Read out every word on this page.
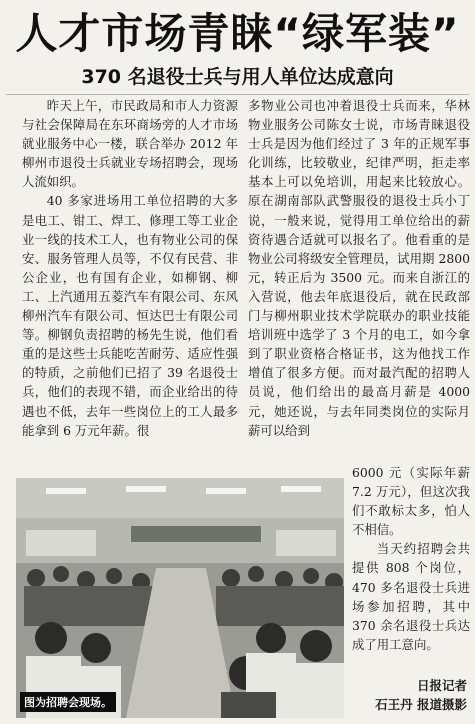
人才市场青睐“绿军装”
370 名退役士兵与用人单位达成意向

昨天上午，市民政局和市人力资源与社会保障局在东环商场旁的人才市场就业服务中心一楼，联合举办 2012 年柳州市退役士兵就业专场招聘会，现场人流如织。

40 多家进场用工单位招聘的大多是电工、钳工、焊工、修理工等工业企业一线的技术工人，也有物业公司的保安、服务管理人员等，不仅有民营、非公企业，也有国有企业，如柳钢、柳工、上汽通用五菱汽车有限公司、东风柳州汽车有限公司、恒达巴士有限公司等。柳钢负责招聘的杨先生说，他们看重的是这些士兵能吃苦耐劳、适应性强的特质，之前他们已招了 39 名退役士兵，他们的表现不错，而企业给出的待遇也不低，去年一些岗位上的工人最多能拿到 6 万元年薪。很

多物业公司也冲着退役士兵而来，华林物业服务公司陈女士说，市场青睐退役士兵是因为他们经过了 3 年的正规军事化训练，比较敬业，纪律严明，拒走率基本上可以免培训，用起来比较放心。原在湖南部队武警服役的退役士兵小丁说，一般来说，觉得用工单位给出的薪资待遇合适就可以报名了。他看重的是物业公司将级安全管理员，试用期 2800 元，转正后为 3500 元。而来自浙江的入营说，他去年底退役后，就在民政部门与柳州职业技术学院联办的职业技能培训班中选学了 3 个月的电工，如今拿到了职业资格合格证书，这为他找工作增值了很多方便。而对最汽配的招聘人员说，他们给出的最高月薪是 4000 元，她还说，与去年同类岗位的实际月薪可以给到

6000 元（实际年薪 7.2 万元），但这次我们不敢标太多，怕人不相信。

当天约招聘会共提供 808 个岗位，470 多名退役士兵进场参加招聘，其中 370 余名退役士兵达成了用工意向。

日报记者
石王丹 报道摄影
图为招聘会现场。
